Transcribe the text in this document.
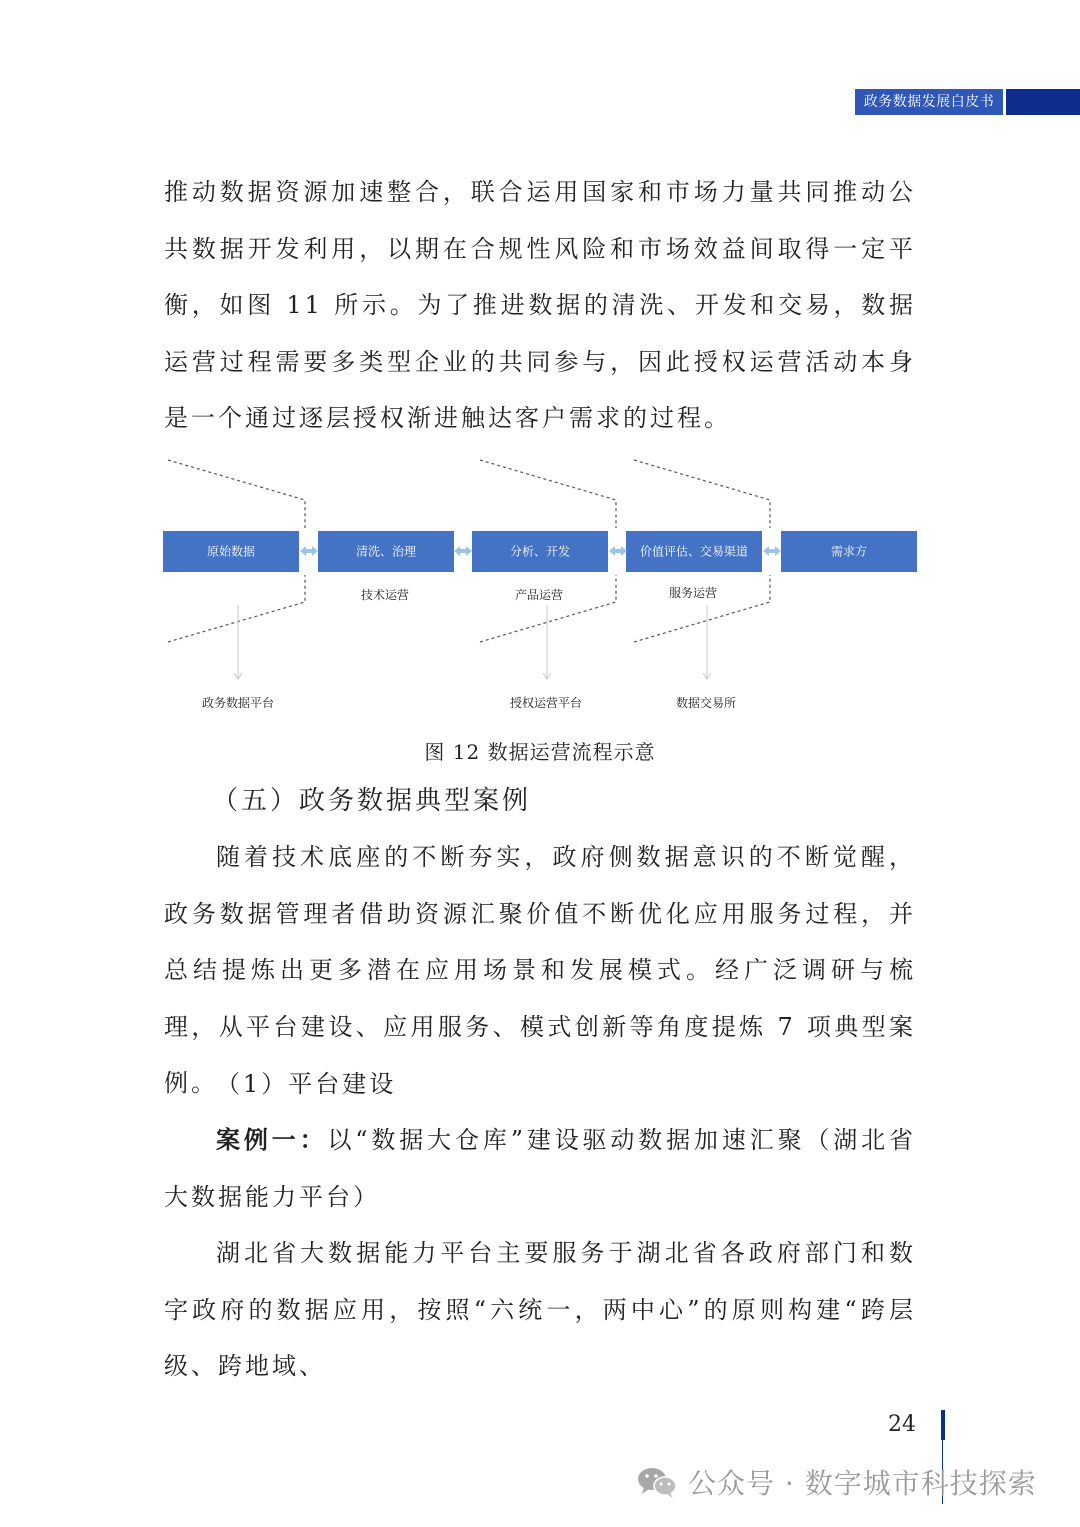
政务数据发展白皮书

推动数据资源加速整合，联合运用国家和市场力量共同推动公共数据开发利用，以期在合规性风险和市场效益间取得一定平衡，如图 11 所示。为了推进数据的清洗、开发和交易，数据运营过程需要多类型企业的共同参与，因此授权运营活动本身是一个通过逐层授权渐进触达客户需求的过程。

原始数据	清洗、治理	分析、开发	价值评估、交易渠道	需求方
技术运营	产品运营	服务运营
政务数据平台	授权运营平台	数据交易所
图 12 数据运营流程示意
（五）政务数据典型案例

随着技术底座的不断夯实，政府侧数据意识的不断觉醒，政务数据管理者借助资源汇聚价值不断优化应用服务过程，并总结提炼出更多潜在应用场景和发展模式。经广泛调研与梳理，从平台建设、应用服务、模式创新等角度提炼 7 项典型案例。

（1）平台建设

案例一：以“数据大仓库”建设驱动数据加速汇聚（湖北省大数据能力平台）

湖北省大数据能力平台主要服务于湖北省各政府部门和数字政府的数据应用，按照“六统一，两中心”的原则构建“跨层级、跨地域、

24
公众号 · 数字城市科技探索
